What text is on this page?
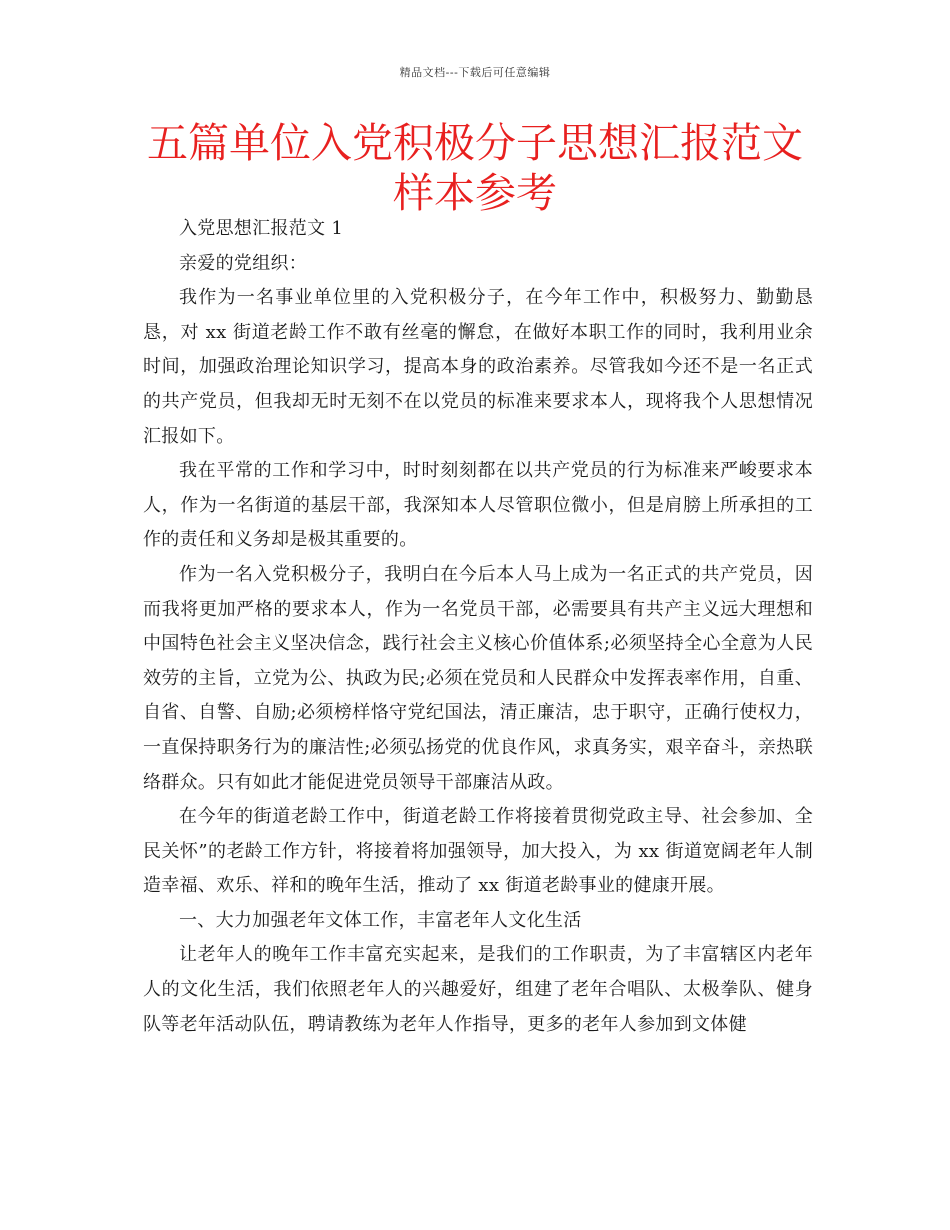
精品文档---下载后可任意编辑
五篇单位入党积极分子思想汇报范文样本参考

入党思想汇报范文 1

亲爱的党组织：

我作为一名事业单位里的入党积极分子，在今年工作中，积极努力、勤勤恳恳，对 xx 街道老龄工作不敢有丝毫的懈怠，在做好本职工作的同时，我利用业余时间，加强政治理论知识学习，提高本身的政治素养。尽管我如今还不是一名正式的共产党员，但我却无时无刻不在以党员的标准来要求本人，现将我个人思想情况汇报如下。

我在平常的工作和学习中，时时刻刻都在以共产党员的行为标准来严峻要求本人，作为一名街道的基层干部，我深知本人尽管职位微小，但是肩膀上所承担的工作的责任和义务却是极其重要的。

作为一名入党积极分子，我明白在今后本人马上成为一名正式的共产党员，因而我将更加严格的要求本人，作为一名党员干部，必需要具有共产主义远大理想和中国特色社会主义坚决信念，践行社会主义核心价值体系;必须坚持全心全意为人民效劳的主旨，立党为公、执政为民;必须在党员和人民群众中发挥表率作用，自重、自省、自警、自励;必须榜样恪守党纪国法，清正廉洁，忠于职守，正确行使权力，一直保持职务行为的廉洁性;必须弘扬党的优良作风，求真务实，艰辛奋斗，亲热联络群众。只有如此才能促进党员领导干部廉洁从政。

在今年的街道老龄工作中，街道老龄工作将接着贯彻党政主导、社会参加、全民关怀”的老龄工作方针，将接着将加强领导，加大投入，为 xx 街道宽阔老年人制造幸福、欢乐、祥和的晚年生活，推动了 xx 街道老龄事业的健康开展。

一、大力加强老年文体工作，丰富老年人文化生活

让老年人的晚年工作丰富充实起来，是我们的工作职责，为了丰富辖区内老年人的文化生活，我们依照老年人的兴趣爱好，组建了老年合唱队、太极拳队、健身队等老年活动队伍，聘请教练为老年人作指导，更多的老年人参加到文体健
